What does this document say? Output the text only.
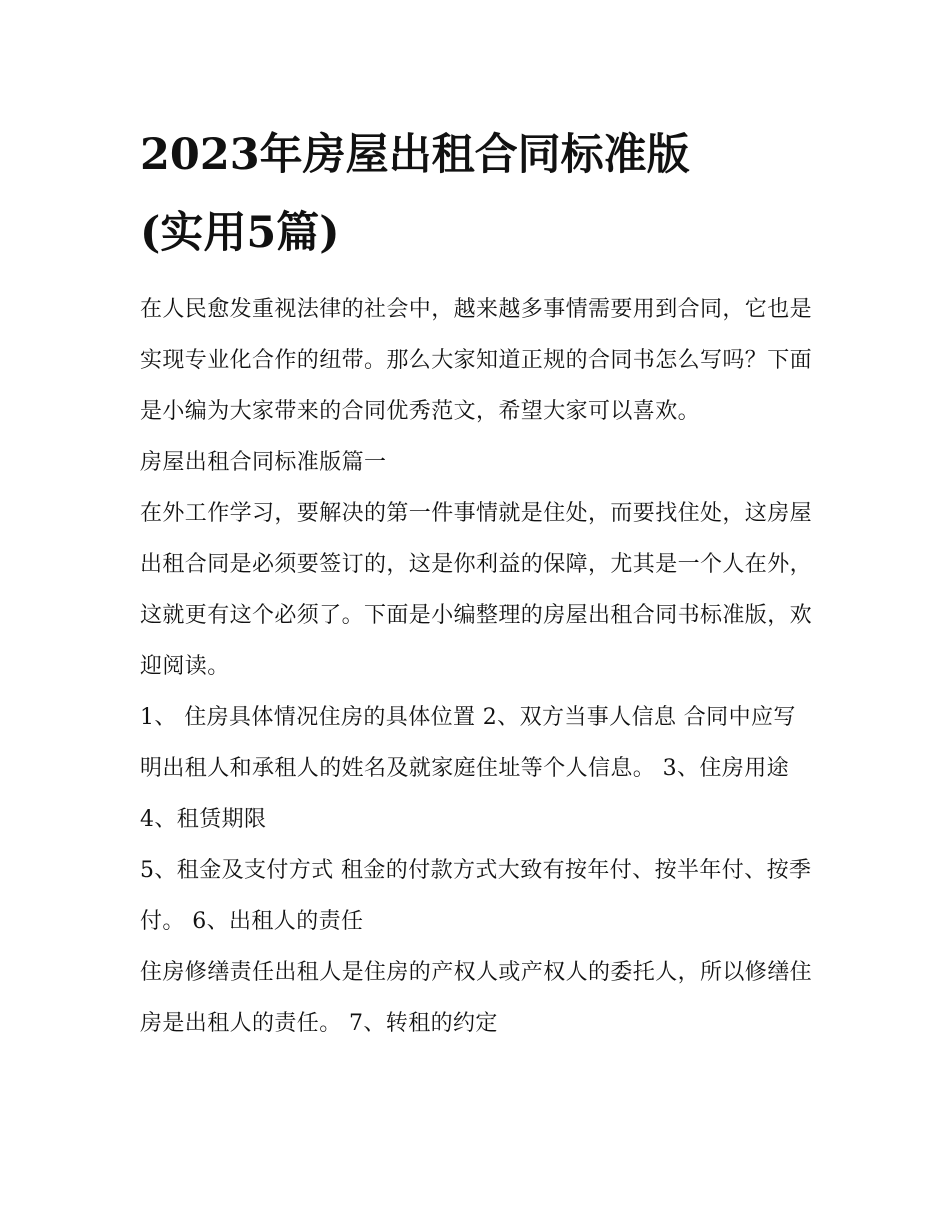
2023年房屋出租合同标准版
(实用5篇)

在人民愈发重视法律的社会中，越来越多事情需要用到合同，它也是实现专业化合作的纽带。那么大家知道正规的合同书怎么写吗？下面是小编为大家带来的合同优秀范文，希望大家可以喜欢。

房屋出租合同标准版篇一

在外工作学习，要解决的第一件事情就是住处，而要找住处，这房屋出租合同是必须要签订的，这是你利益的保障，尤其是一个人在外，这就更有这个必须了。下面是小编整理的房屋出租合同书标准版，欢迎阅读。

1、 住房具体情况住房的具体位置 2、双方当事人信息 合同中应写明出租人和承租人的姓名及就家庭住址等个人信息。 3、住房用途 4、租赁期限

5、租金及支付方式 租金的付款方式大致有按年付、按半年付、按季付。 6、出租人的责任

住房修缮责任出租人是住房的产权人或产权人的委托人，所以修缮住房是出租人的责任。 7、转租的约定
